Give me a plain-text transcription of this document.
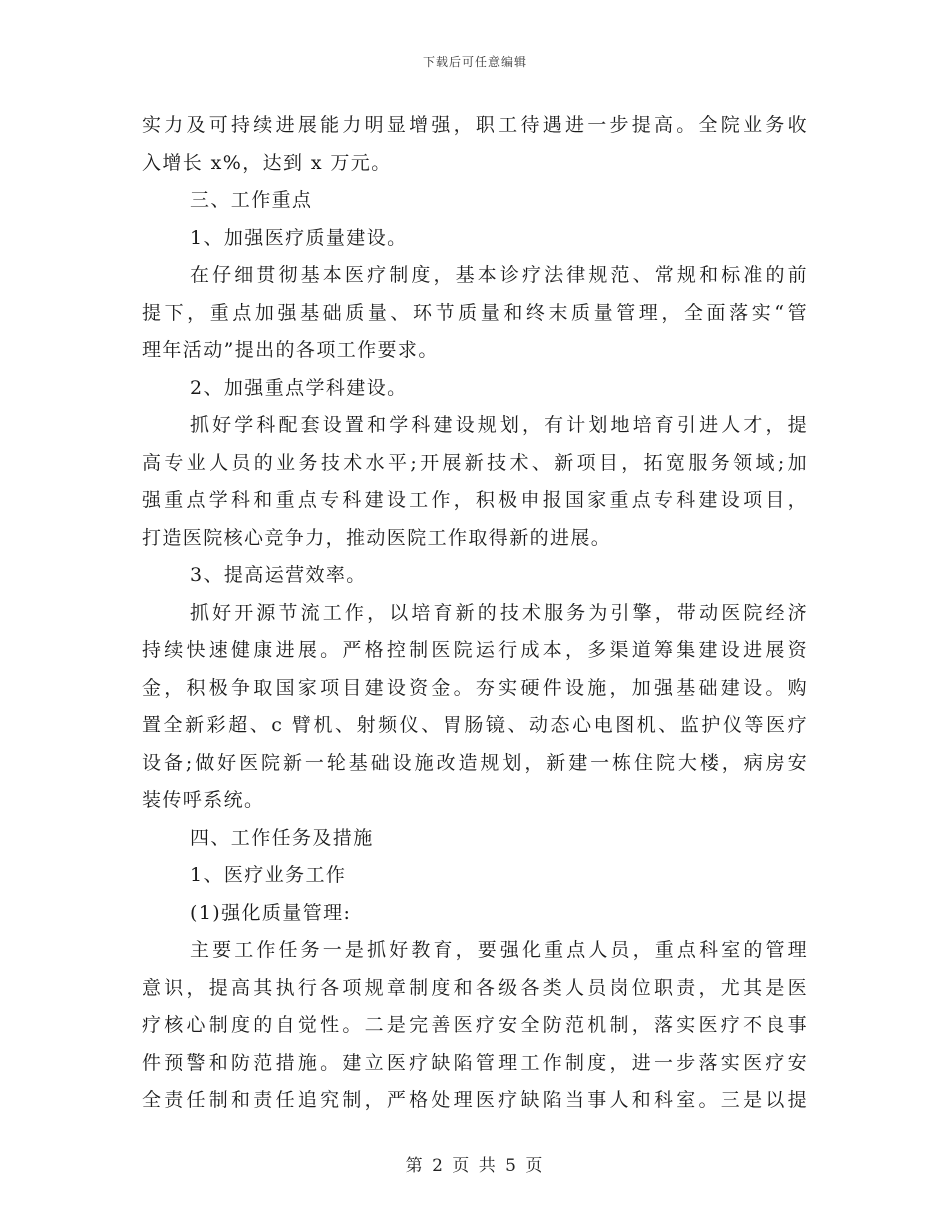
下载后可任意编辑
实力及可持续进展能力明显增强，职工待遇进一步提高。全院业务收
入增长 x%，达到 x 万元。
三、工作重点
1、加强医疗质量建设。
在仔细贯彻基本医疗制度，基本诊疗法律规范、常规和标准的前
提下，重点加强基础质量、环节质量和终末质量管理，全面落实“管
理年活动”提出的各项工作要求。
2、加强重点学科建设。
抓好学科配套设置和学科建设规划，有计划地培育引进人才，提
高专业人员的业务技术水平;开展新技术、新项目，拓宽服务领域;加
强重点学科和重点专科建设工作，积极申报国家重点专科建设项目，
打造医院核心竞争力，推动医院工作取得新的进展。
3、提高运营效率。
抓好开源节流工作，以培育新的技术服务为引擎，带动医院经济
持续快速健康进展。严格控制医院运行成本，多渠道筹集建设进展资
金，积极争取国家项目建设资金。夯实硬件设施，加强基础建设。购
置全新彩超、c 臂机、射频仪、胃肠镜、动态心电图机、监护仪等医疗
设备;做好医院新一轮基础设施改造规划，新建一栋住院大楼，病房安
装传呼系统。
四、工作任务及措施
1、医疗业务工作
(1)强化质量管理:
主要工作任务一是抓好教育，要强化重点人员，重点科室的管理
意识，提高其执行各项规章制度和各级各类人员岗位职责，尤其是医
疗核心制度的自觉性。二是完善医疗安全防范机制，落实医疗不良事
件预警和防范措施。建立医疗缺陷管理工作制度，进一步落实医疗安
全责任制和责任追究制，严格处理医疗缺陷当事人和科室。三是以提
第 2 页 共 5 页
